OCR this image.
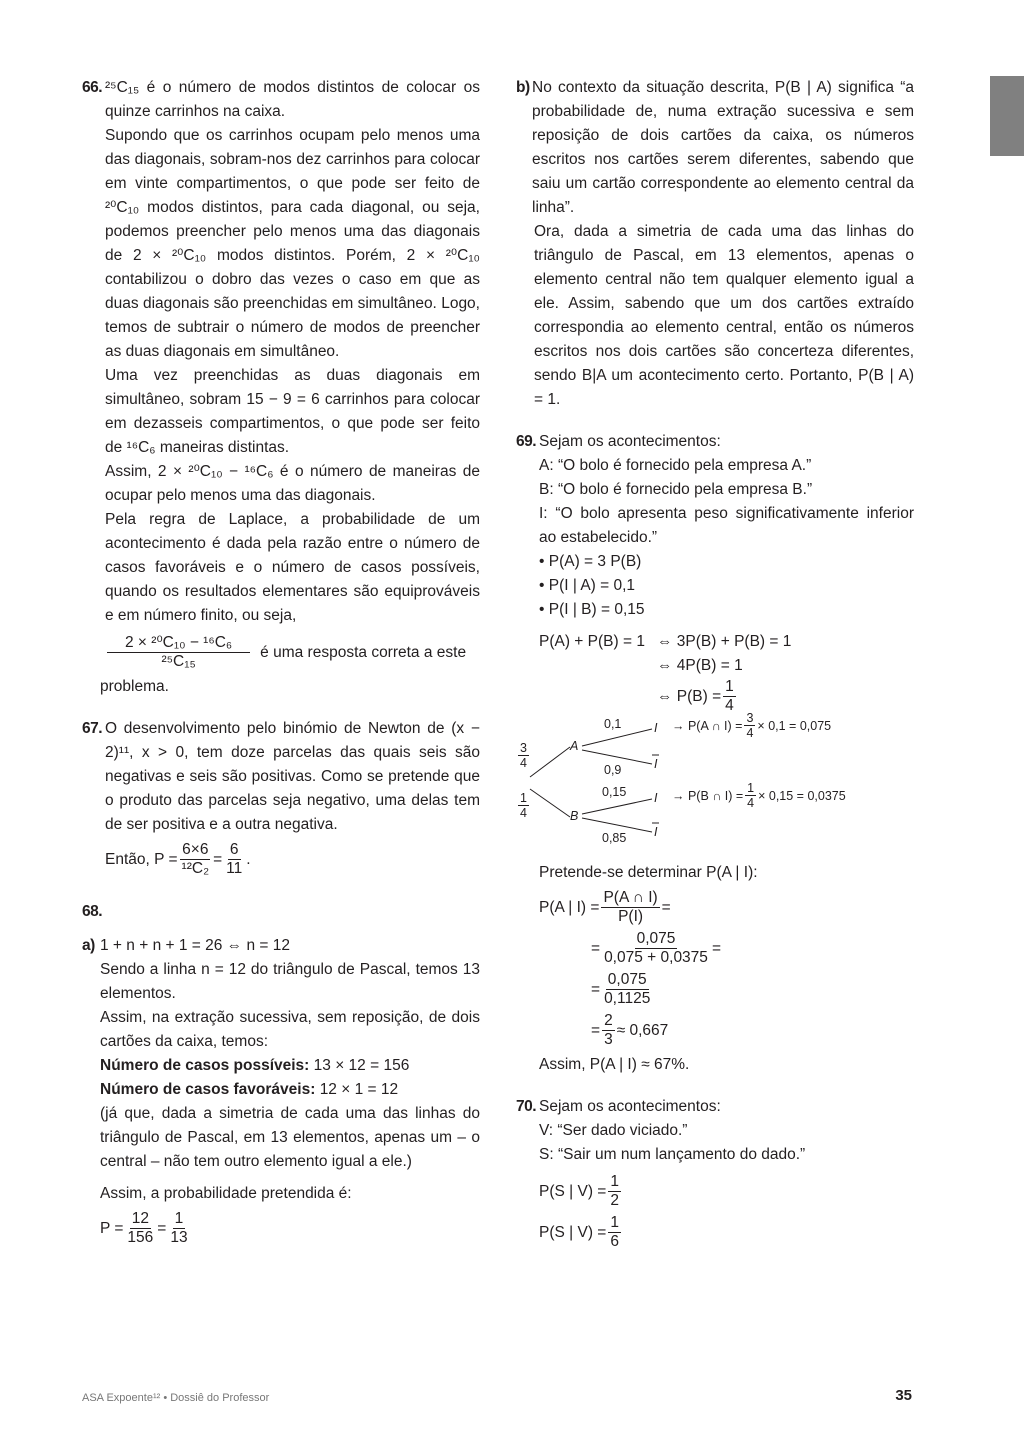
66. ²⁵C₁₅ é o número de modos distintos de colocar os quinze carrinhos na caixa.

Supondo que os carrinhos ocupam pelo menos uma das diagonais, sobram-nos dez carrinhos para colocar em vinte compartimentos, o que pode ser feito de ²⁰C₁₀ modos distintos, para cada diagonal, ou seja, podemos preencher pelo menos uma das diagonais de 2 × ²⁰C₁₀ modos distintos. Porém, 2 × ²⁰C₁₀ contabilizou o dobro das vezes o caso em que as duas diagonais são preenchidas em simultâneo. Logo, temos de subtrair o número de modos de preencher as duas diagonais em simultâneo.

Uma vez preenchidas as duas diagonais em simultâneo, sobram 15 − 9 = 6 carrinhos para colocar em dezasseis compartimentos, o que pode ser feito de ¹⁶C₆ maneiras distintas.

Assim, 2 × ²⁰C₁₀ − ¹⁶C₆ é o número de maneiras de ocupar pelo menos uma das diagonais.

Pela regra de Laplace, a probabilidade de um acontecimento é dada pela razão entre o número de casos favoráveis e o número de casos possíveis, quando os resultados elementares são equiprováveis e em número finito, ou seja,

$\frac{\text{2 × ²⁰C₁₀ − ¹⁶C₆}}{\text{²⁵C₁₅}}$ é uma resposta correta a este

problema.

67. O desenvolvimento pelo binómio de Newton de (x − 2)¹¹, x > 0, tem doze parcelas das quais seis são negativas e seis são positivas. Como se pretende que o produto das parcelas seja negativo, uma delas tem de ser positiva e a outra negativa.

Então, $P = \frac{6\times 6}{\text{¹²C₂}} = \frac{6}{11}$ .
68.
a) 1 + n + n + 1 = 26 ⇔ n = 12

Sendo a linha n = 12 do triângulo de Pascal, temos 13 elementos.

Assim, na extração sucessiva, sem reposição, de dois cartões da caixa, temos:

Número de casos possíveis: 13 × 12 = 156

Número de casos favoráveis: 12 × 1 = 12

(já que, dada a simetria de cada uma das linhas do triângulo de Pascal, em 13 elementos, apenas um – o central – não tem outro elemento igual a ele.)

Assim, a probabilidade pretendida é:

$P = \frac{12}{156} = \frac{1}{13}$
b) No contexto da situação descrita, P(B | A) significa “a probabilidade de, numa extração sucessiva e sem reposição de dois cartões da caixa, os números escritos nos cartões serem diferentes, sabendo que saiu um cartão correspondente ao elemento central da linha”.

Ora, dada a simetria de cada uma das linhas do triângulo de Pascal, em 13 elementos, apenas o elemento central não tem qualquer elemento igual a ele. Assim, sabendo que um dos cartões extraído correspondia ao elemento central, então os números escritos nos dois cartões são concerteza diferentes, sendo B|A um acontecimento certo. Portanto, P(B | A) = 1.

69. Sejam os acontecimentos:

A: “O bolo é fornecido pela empresa A.”

B: “O bolo é fornecido pela empresa B.”

I: “O bolo apresenta peso significativamente inferior ao estabelecido.”

• P(A) = 3 P(B)

• P(I | A) = 0,1

• P(I | B) = 0,15

P(A) + P(B) = 1 ⇔ 3P(B) + P(B) = 1
⇔ 4P(B) = 1
⇔ $P(B) = \frac{1}{4}$
$\frac{3}{4}$
$\frac{1}{4}$
A
B
0,1
0,9
0,15
0,85
I
I
I
I
→ P(A ∩ $I) = \frac{3}{4} \times 0,1 = 0,075$
→ P(B ∩ $I) = \frac{1}{4} \times 0,15 = 0,0375$

Pretende-se determinar P(A | I):

P(A | $I) = \frac{P(A \cap I)}{P(I)}$ =
= $\frac{0,075}{0,075 + 0,0375}$ =
= $\frac{0,075}{0,1125}$
= $\frac{2}{3} \approx 0,667$

Assim, P(A | I) ≈ 67%.

70. Sejam os acontecimentos:

V: “Ser dado viciado.”

S: “Sair um num lançamento do dado.”

P(S | $V) = \frac{1}{2}$
P(S | $V) = \frac{1}{6}$
ASA Expoente¹² • Dossiê do Professor	35
